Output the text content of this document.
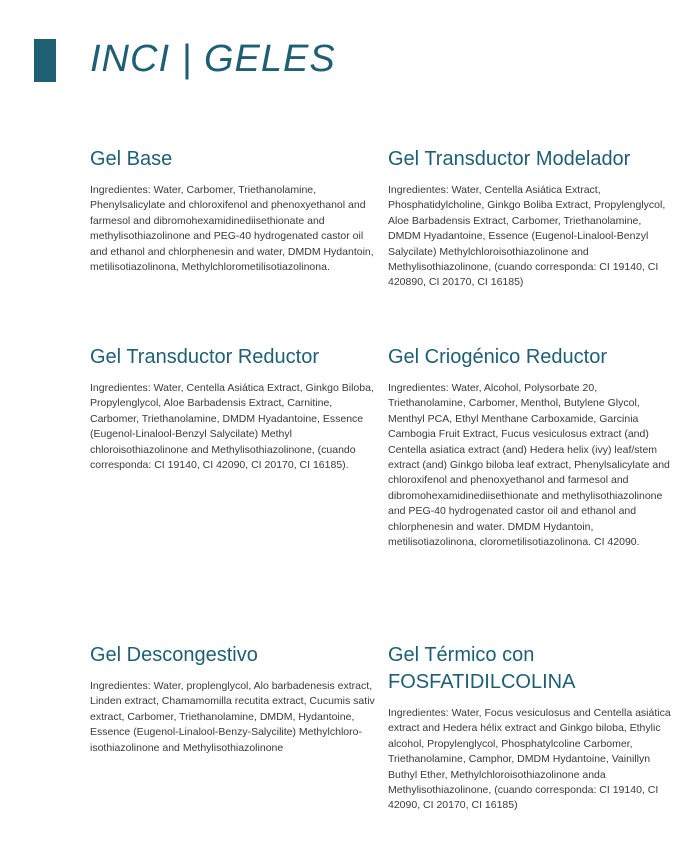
INCI | GELES
Gel Base

Ingredientes: Water, Carbomer, Triethanolamine, Phenylsalicylate and chloroxifenol and phenoxyethanol and farmesol and dibromohexamidinediisethionate and methylisothiazolinone and PEG-40 hydrogenated castor oil and ethanol and chlorphenesin and water, DMDM Hydantoin, metilisotiazolinona, Methylchlorometilisotiazolinona.

Gel Transductor Modelador

Ingredientes: Water, Centella Asiática Extract, Phosphatidylcholine, Ginkgo Boliba Extract, Propylenglycol, Aloe Barbadensis Extract, Carbomer, Triethanolamine, DMDM Hyadantoine, Essence (Eugenol-Linalool-Benzyl Salycilate) Methylchloroisothiazolinone and Methylisothiazolinone, (cuando corresponda: CI 19140, CI 420890, CI 20170, CI 16185)

Gel Transductor Reductor

Ingredientes: Water, Centella Asiática Extract, Ginkgo Biloba, Propylenglycol, Aloe Barbadensis Extract, Carnitine, Carbomer, Triethanolamine, DMDM Hyadantoine, Essence (Eugenol-Linalool-Benzyl Salycilate) Methyl chloroisothiazolinone and Methylisothiazolinone, (cuando corresponda: CI 19140, CI 42090, CI 20170, CI 16185).

Gel Criogénico Reductor

Ingredientes: Water, Alcohol, Polysorbate 20, Triethanolamine, Carbomer, Menthol, Butylene Glycol, Menthyl PCA, Ethyl Menthane Carboxamide, Garcinia Cambogia Fruit Extract, Fucus vesiculosus extract (and) Centella asiatica extract (and) Hedera helix (ivy) leaf/stem extract (and) Ginkgo biloba leaf extract, Phenylsalicylate and chloroxifenol and phenoxyethanol and farmesol and dibromohexamidinediisethionate and methylisothiazolinone and PEG-40 hydrogenated castor oil and ethanol and chlorphenesin and water. DMDM Hydantoin, metilisotiazolinona, clorometilisotiazolinona. CI 42090.

Gel Descongestivo

Ingredientes: Water, proplenglycol, Alo barbadenesis extract, Linden extract, Chamamomilla recutita extract, Cucumis sativ extract, Carbomer, Triethanolamine, DMDM, Hydantoine, Essence (Eugenol-Linalool-Benzy-Salycilite) Methylchloro-isothiazolinone and Methylisothiazolinone

Gel Térmico con
FOSFATIDILCOLINA

Ingredientes: Water, Focus vesiculosus and Centella asiática extract and Hedera hélix extract and Ginkgo biloba, Ethylic alcohol, Propylenglycol, Phosphatylcoline Carbomer, Triethanolamine, Camphor, DMDM Hydantoine, Vainillyn Buthyl Ether, Methylchloroisothiazolinone anda Methylisothiazolinone, (cuando corresponda: CI 19140, CI 42090, CI 20170, CI 16185)
